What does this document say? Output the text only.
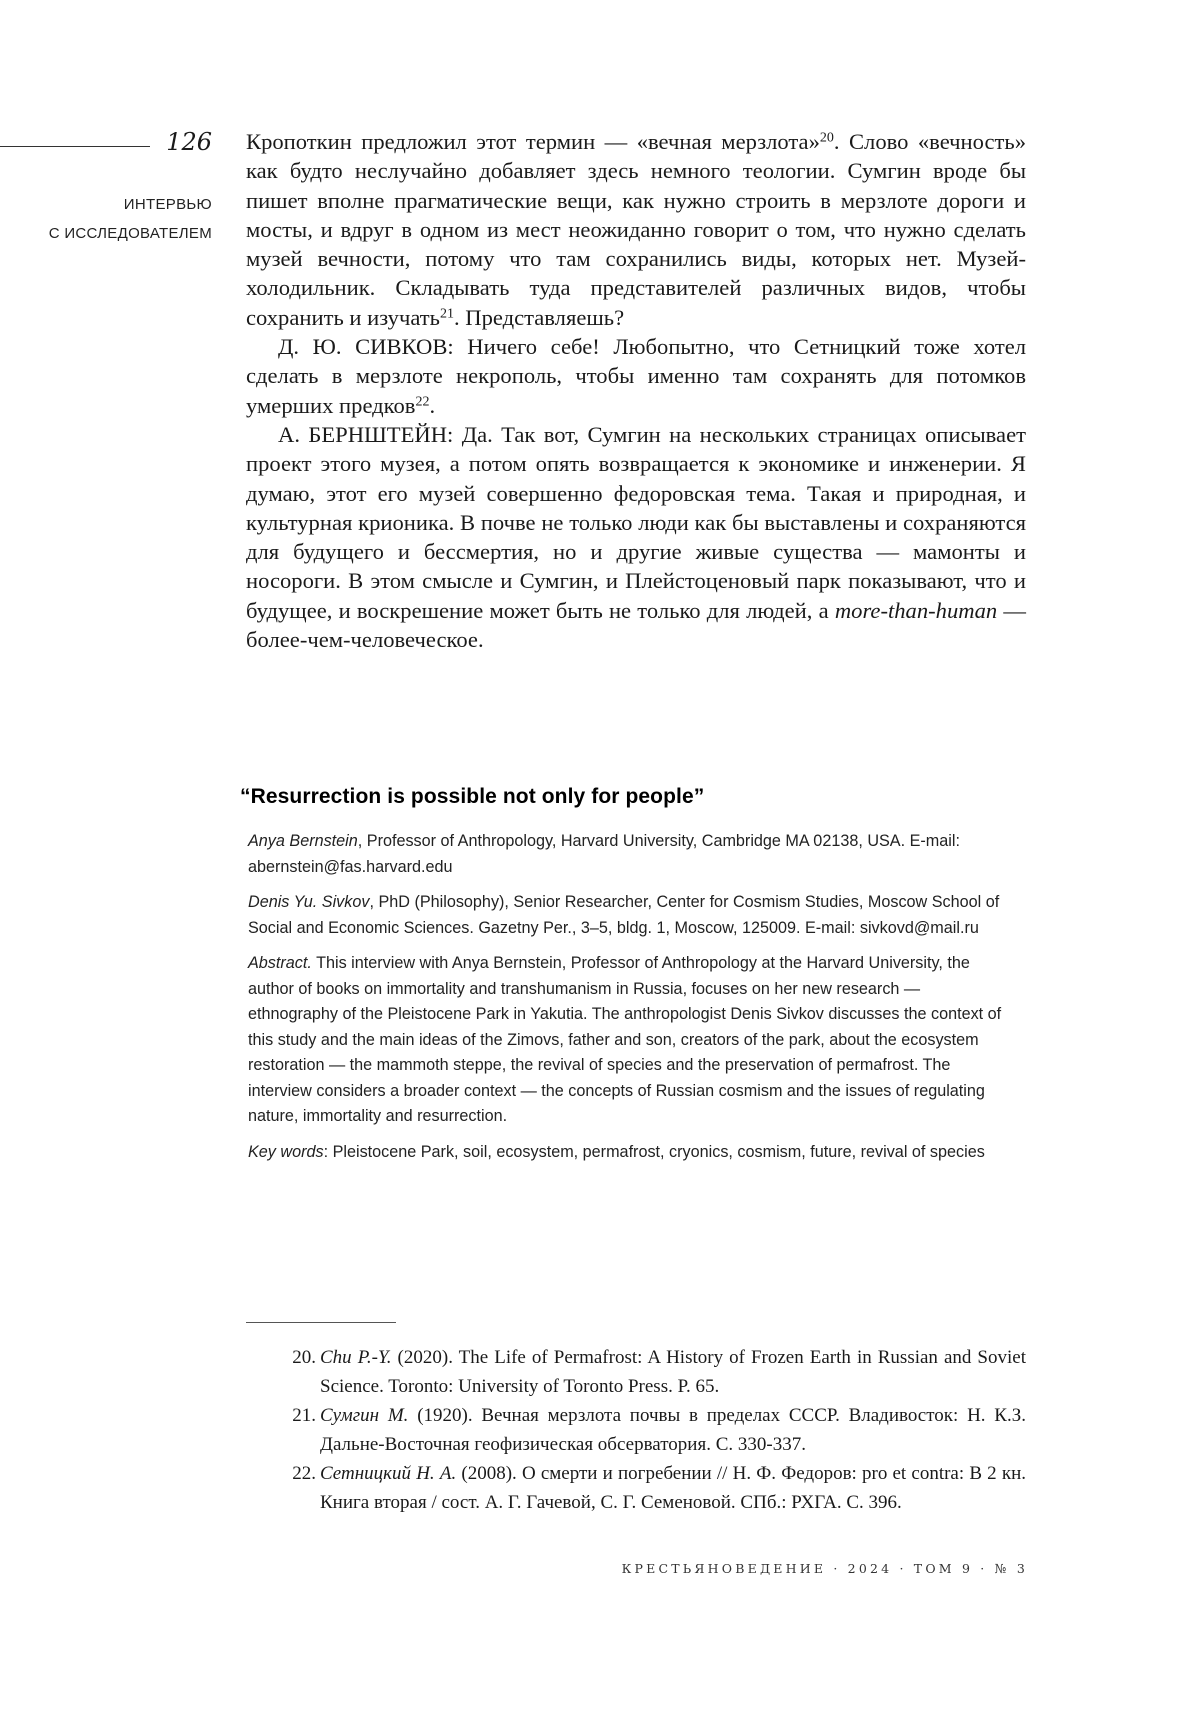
126
ИНТЕРВЬЮ
С ИССЛЕДОВАТЕЛЕМ

Кропоткин предложил этот термин — «вечная мерзлота»$^{20}$. Слово «вечность» как будто неслучайно добавляет здесь немного теологии. Сумгин вроде бы пишет вполне прагматические вещи, как нужно строить в мерзлоте дороги и мосты, и вдруг в одном из мест неожиданно говорит о том, что нужно сделать музей вечности, потому что там сохранились виды, которых нет. Музей-холодильник. Складывать туда представителей различных видов, чтобы сохранить и изучать$^{21}$. Представляешь?

Д. Ю. СИВКОВ: Ничего себе! Любопытно, что Сетницкий тоже хотел сделать в мерзлоте некрополь, чтобы именно там сохранять для потомков умерших предков$^{22}$.

А. БЕРНШТЕЙН: Да. Так вот, Сумгин на нескольких страницах описывает проект этого музея, а потом опять возвращается к экономике и инженерии. Я думаю, этот его музей совершенно федоровская тема. Такая и природная, и культурная крионика. В почве не только люди как бы выставлены и сохраняются для будущего и бессмертия, но и другие живые существа — мамонты и носороги. В этом смысле и Сумгин, и Плейстоценовый парк показывают, что и будущее, и воскрешение может быть не только для людей, а more-than-human — более-чем-человеческое.

“Resurrection is possible not only for people”

Anya Bernstein, Professor of Anthropology, Harvard University, Cambridge MA 02138, USA. E-mail: abernstein@fas.harvard.edu

Denis Yu. Sivkov, PhD (Philosophy), Senior Researcher, Center for Cosmism Studies, Moscow School of Social and Economic Sciences. Gazetny Per., 3–5, bldg. 1, Moscow, 125009. E-mail: sivkovd@mail.ru

Abstract. This interview with Anya Bernstein, Professor of Anthropology at the Harvard University, the author of books on immortality and transhumanism in Russia, focuses on her new research — ethnography of the Pleistocene Park in Yakutia. The anthropologist Denis Sivkov discusses the context of this study and the main ideas of the Zimovs, father and son, creators of the park, about the ecosystem restoration — the mammoth steppe, the revival of species and the preservation of permafrost. The interview considers a broader context — the concepts of Russian cosmism and the issues of regulating nature, immortality and resurrection.

Key words: Pleistocene Park, soil, ecosystem, permafrost, cryonics, cosmism, future, revival of species

20. Chu P.-Y. (2020). The Life of Permafrost: A History of Frozen Earth in Russian and Soviet Science. Toronto: University of Toronto Press. P. 65.
21. Сумгин М. (1920). Вечная мерзлота почвы в пределах СССР. Владивосток: Н. К.З. Дальне-Восточная геофизическая обсерватория. С. 330-337.
22. Сетницкий Н. А. (2008). О смерти и погребении // Н. Ф. Федоров: pro et contra: В 2 кн. Книга вторая / сост. А. Г. Гачевой, С. Г. Семеновой. СПб.: РХГА. С. 396.
КРЕСТЬЯНОВЕДЕНИЕ · 2024 · ТОМ 9 · № 3
